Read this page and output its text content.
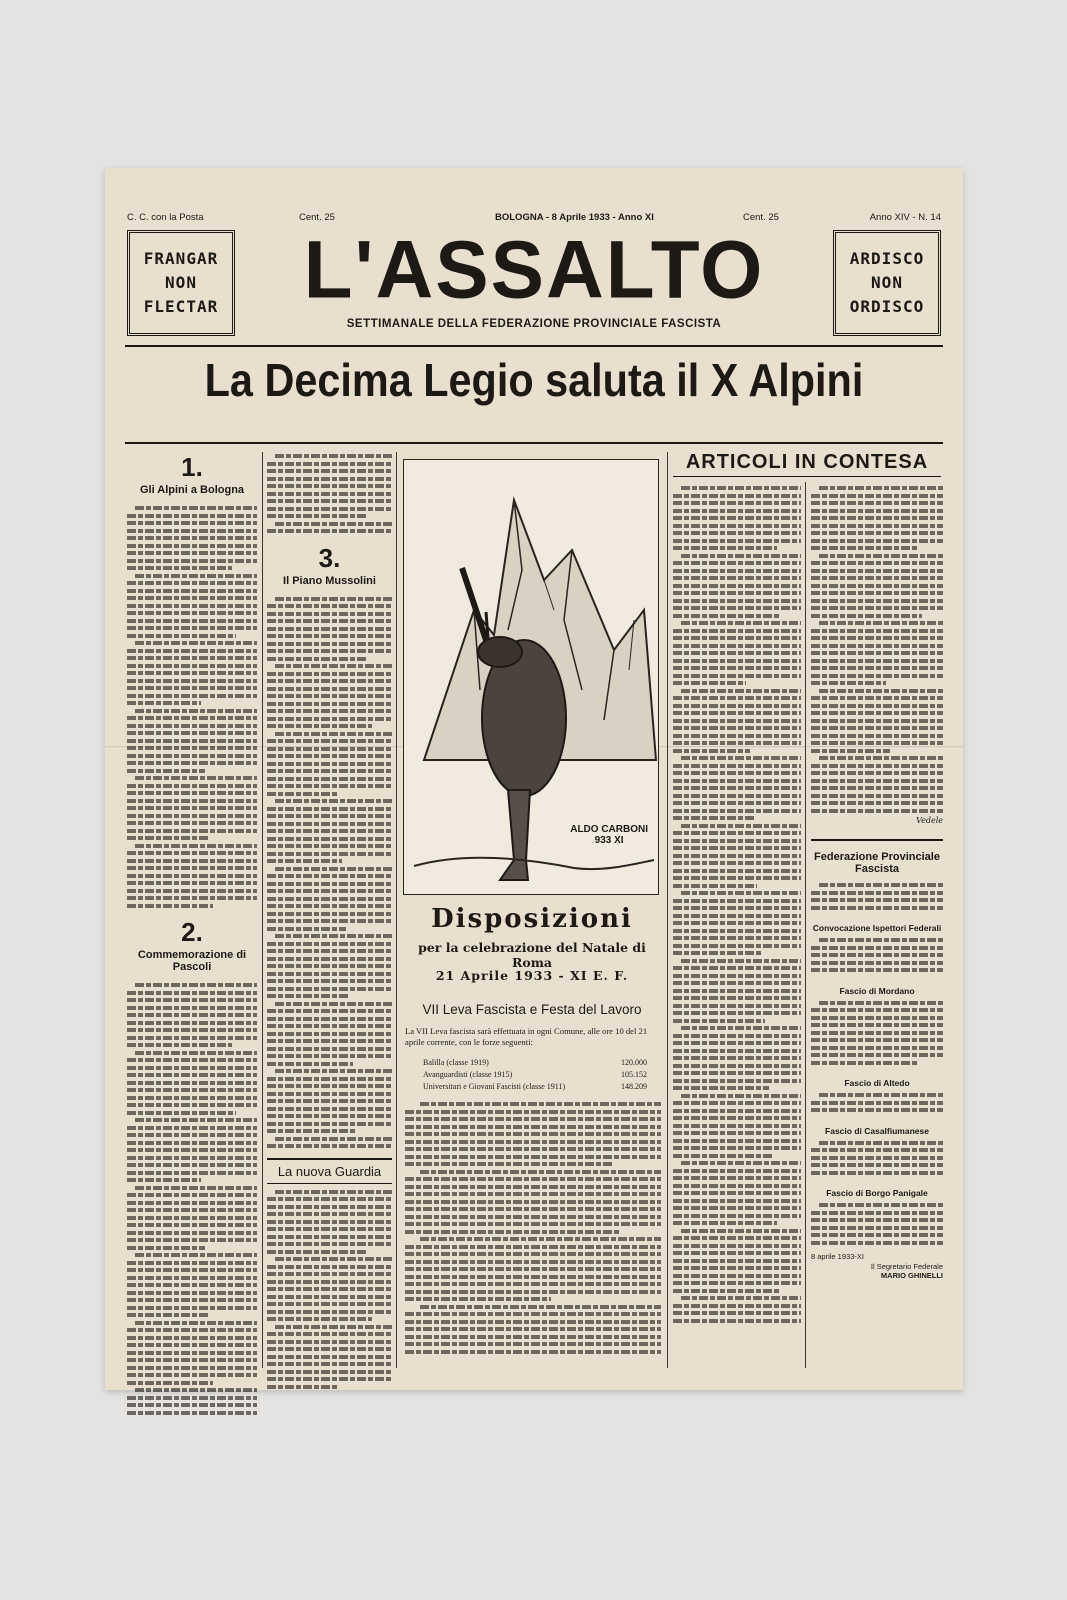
C. C. con la Posta	Cent. 25	BOLOGNA - 8 Aprile 1933 - Anno XI	Cent. 25	Anno XIV - N. 14
FRANGAR
NON
FLECTAR
ARDISCO
NON
ORDISCO
L'ASSALTO
SETTIMANALE DELLA FEDERAZIONE PROVINCIALE FASCISTA
La Decima Legio saluta il X Alpini
1.
Gli Alpini a Bologna
2.
Commemorazione di Pascoli
3.
Il Piano Mussolini
La nuova Guardia
ALDO CARBONI
933 XI
Disposizioni
per la celebrazione del Natale di Roma
21 Aprile 1933 - XI E. F.
VII Leva Fascista e Festa del Lavoro
La VII Leva fascista sarà effettuata in ogni Comune, alle ore 10 del 21 aprile corrente, con le forze seguenti:
Balilla (classe 1919)	120.000
Avanguardisti (classe 1915)	105.152
Universitari e Giovani Fascisti (classe 1911)	148.209
ARTICOLI IN CONTESA
Vedele
Federazione Provinciale Fascista
Convocazione Ispettori Federali
Fascio di Mordano
Fascio di Altedo
Fascio di Casalfiumanese
Fascio di Borgo Panigale
8 aprile 1933-XI
Il Segretario Federale
MARIO GHINELLI
